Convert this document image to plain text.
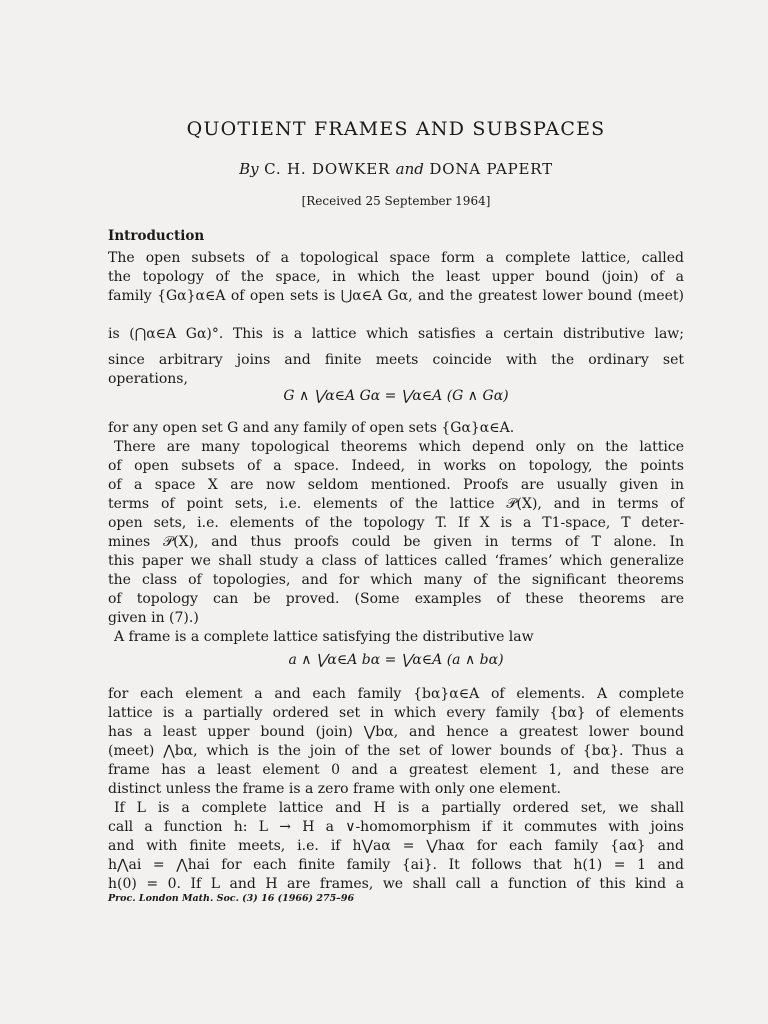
QUOTIENT FRAMES AND SUBSPACES
By C. H. DOWKER and DONA PAPERT
[Received 25 September 1964]
Introduction
The open subsets of a topological space form a complete lattice, called
the topology of the space, in which the least upper bound (join) of a
family {Gα}α∈A of open sets is ⋃α∈A Gα, and the greatest lower bound (meet)
is (⋂α∈A Gα)°. This is a lattice which satisfies a certain distributive law;
since arbitrary joins and finite meets coincide with the ordinary set
operations,
G ∧ ⋁α∈A Gα = ⋁α∈A (G ∧ Gα)
for any open set G and any family of open sets {Gα}α∈A.
There are many topological theorems which depend only on the lattice
of open subsets of a space. Indeed, in works on topology, the points
of a space X are now seldom mentioned. Proofs are usually given in
terms of point sets, i.e. elements of the lattice 𝒫(X), and in terms of
open sets, i.e. elements of the topology T. If X is a T1-space, T deter-
mines 𝒫(X), and thus proofs could be given in terms of T alone. In
this paper we shall study a class of lattices called ‘frames’ which generalize
the class of topologies, and for which many of the significant theorems
of topology can be proved. (Some examples of these theorems are
given in (7).)
A frame is a complete lattice satisfying the distributive law
a ∧ ⋁α∈A bα = ⋁α∈A (a ∧ bα)
for each element a and each family {bα}α∈A of elements. A complete
lattice is a partially ordered set in which every family {bα} of elements
has a least upper bound (join) ⋁bα, and hence a greatest lower bound
(meet) ⋀bα, which is the join of the set of lower bounds of {bα}. Thus a
frame has a least element 0 and a greatest element 1, and these are
distinct unless the frame is a zero frame with only one element.
If L is a complete lattice and H is a partially ordered set, we shall
call a function h: L → H a ∨-homomorphism if it commutes with joins
and with finite meets, i.e. if h⋁aα = ⋁haα for each family {aα} and
h⋀ai = ⋀hai for each finite family {ai}. It follows that h(1) = 1 and
h(0) = 0. If L and H are frames, we shall call a function of this kind a
Proc. London Math. Soc. (3) 16 (1966) 275–96
